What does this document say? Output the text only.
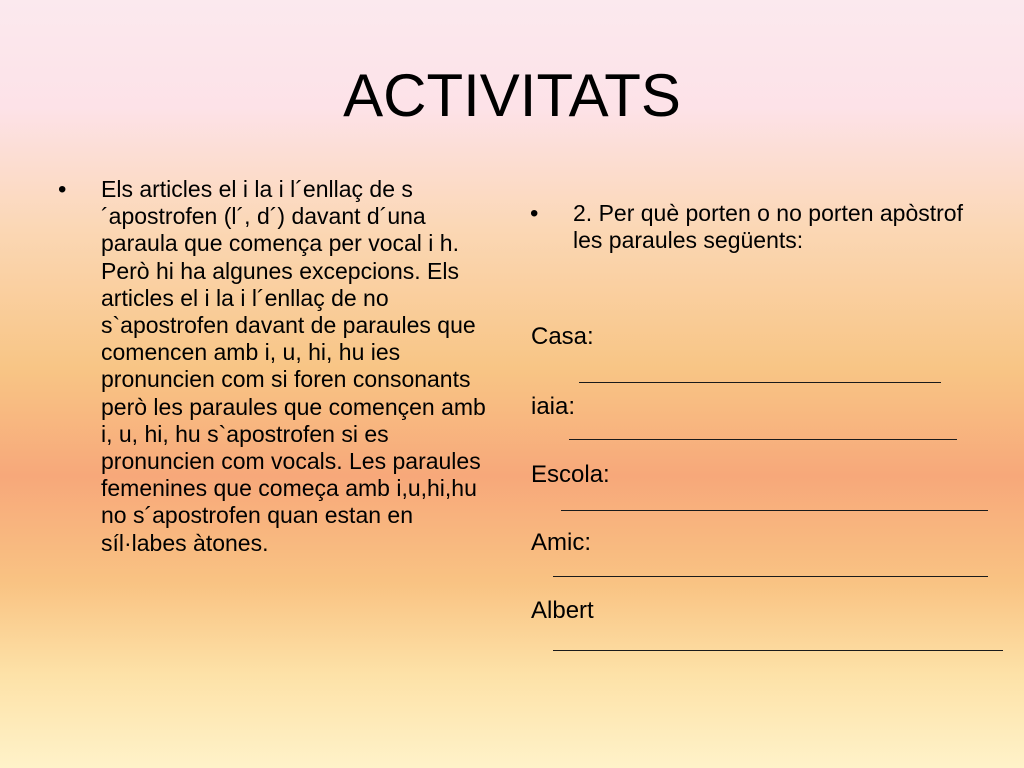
ACTIVITATS
•	Els articles el i la i l´enllaç de s´apostrofen (l´, d´) davant d´una paraula que comença per vocal i h. Però hi ha algunes excepcions. Els articles el i la i l´enllaç de no s`apostrofen davant de paraules que comencen amb i, u, hi, hu ies pronuncien com si foren consonants però les paraules que començen amb i, u, hi, hu s`apostrofen si es pronuncien com vocals. Les paraules femenines que começa amb i,u,hi,hu no s´apostrofen quan estan en síl·labes àtones.
•	2. Per què porten o no porten apòstrof les paraules següents:
Casa:
iaia:
Escola:
Amic:
Albert
